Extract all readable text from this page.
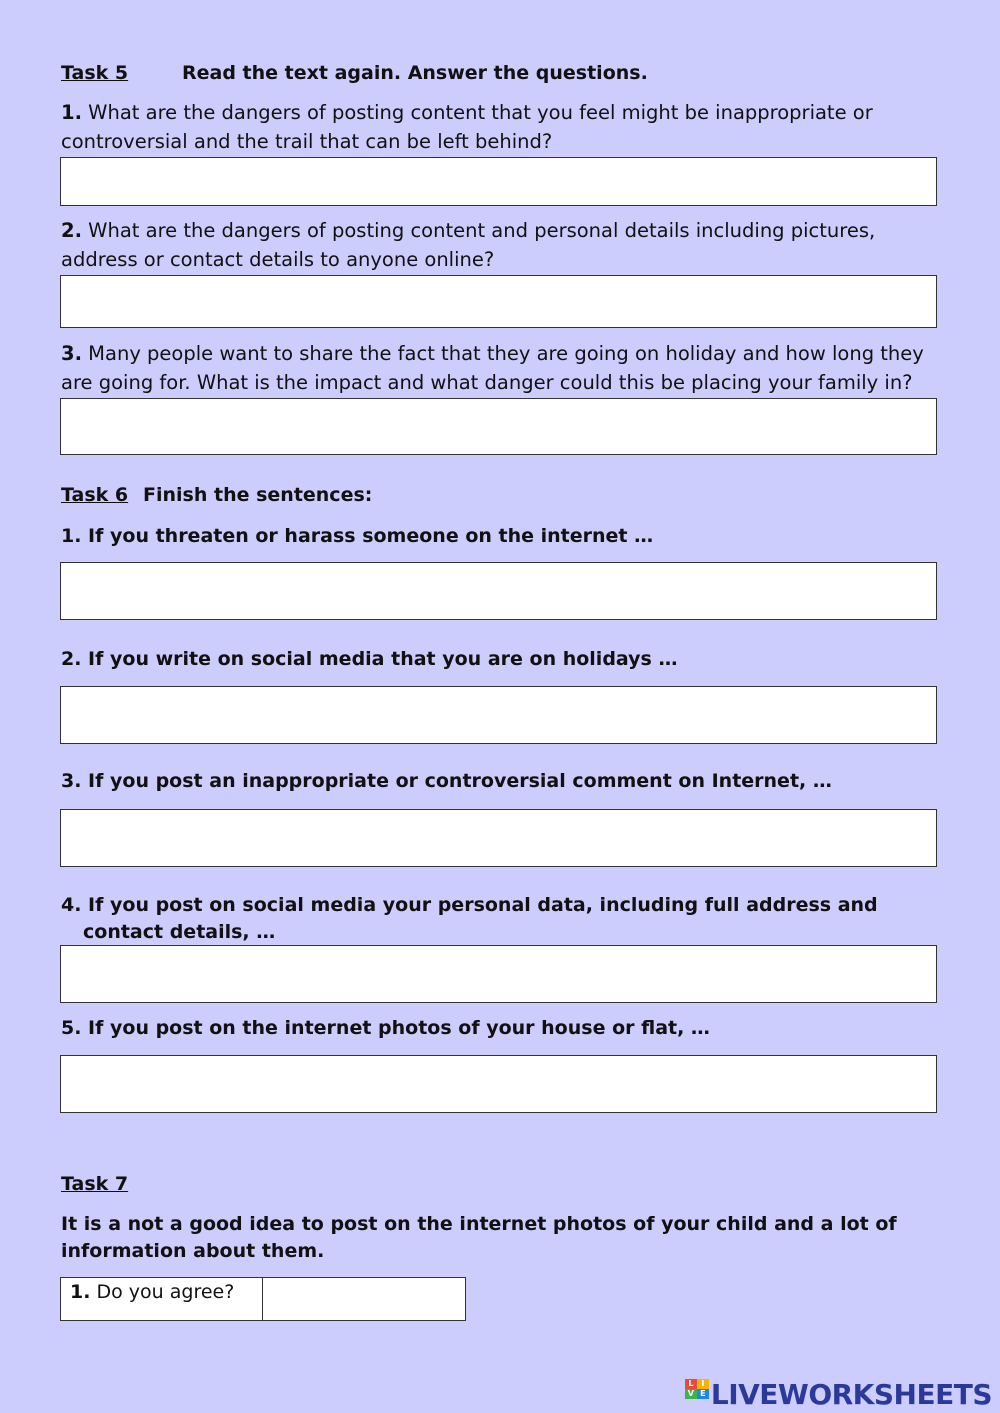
Task 5	Read the text again. Answer the questions.
1. What are the dangers of posting content that you feel might be inappropriate or controversial and the trail that can be left behind?
2. What are the dangers of posting content and personal details including pictures, address or contact details to anyone online?
3. Many people want to share the fact that they are going on holiday and how long they are going for. What is the impact and what danger could this be placing your family in?
Task 6 Finish the sentences:
1. If you threaten or harass someone on the internet …
2. If you write on social media that you are on holidays …
3. If you post an inappropriate or controversial comment on Internet, …
4. If you post on social media your personal data, including full address and
contact details, …
5. If you post on the internet photos of your house or flat, …
Task 7
It is a not a good idea to post on the internet photos of your child and a lot of information about them.
1. Do you agree?
L I
V E LIVEWORKSHEETS
